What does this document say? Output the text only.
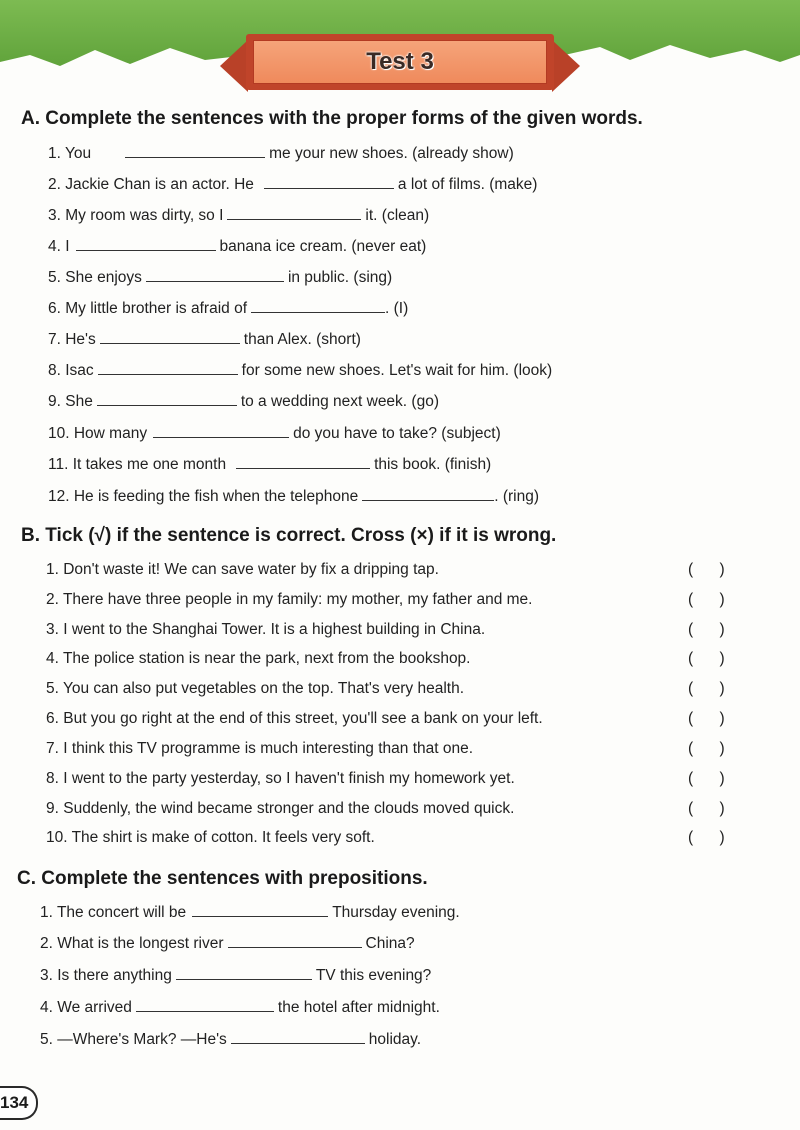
Test 3
A. Complete the sentences with the proper forms of the given words.
1. You	me your new shoes. (already show)
2. Jackie Chan is an actor. He	a lot of films. (make)
3. My room was dirty, so I	it. (clean)
4. I	banana ice cream. (never eat)
5. She enjoys	in public. (sing)
6. My little brother is afraid of	. (I)
7. He's	than Alex. (short)
8. Isac	for some new shoes. Let's wait for him. (look)
9. She	to a wedding next week. (go)
10. How many	do you have to take? (subject)
11. It takes me one month	this book. (finish)
12. He is feeding the fish when the telephone	. (ring)
B. Tick (√) if the sentence is correct. Cross (×) if it is wrong.
1. Don't waste it! We can save water by fix a dripping tap.	( )
2. There have three people in my family: my mother, my father and me.	( )
3. I went to the Shanghai Tower. It is a highest building in China.	( )
4. The police station is near the park, next from the bookshop.	( )
5. You can also put vegetables on the top. That's very health.	( )
6. But you go right at the end of this street, you'll see a bank on your left.	( )
7. I think this TV programme is much interesting than that one.	( )
8. I went to the party yesterday, so I haven't finish my homework yet.	( )
9. Suddenly, the wind became stronger and the clouds moved quick.	( )
10. The shirt is make of cotton. It feels very soft.	( )
C. Complete the sentences with prepositions.
1. The concert will be	Thursday evening.
2. What is the longest river	China?
3. Is there anything	TV this evening?
4. We arrived	the hotel after midnight.
5. —Where's Mark? —He's	holiday.
134
